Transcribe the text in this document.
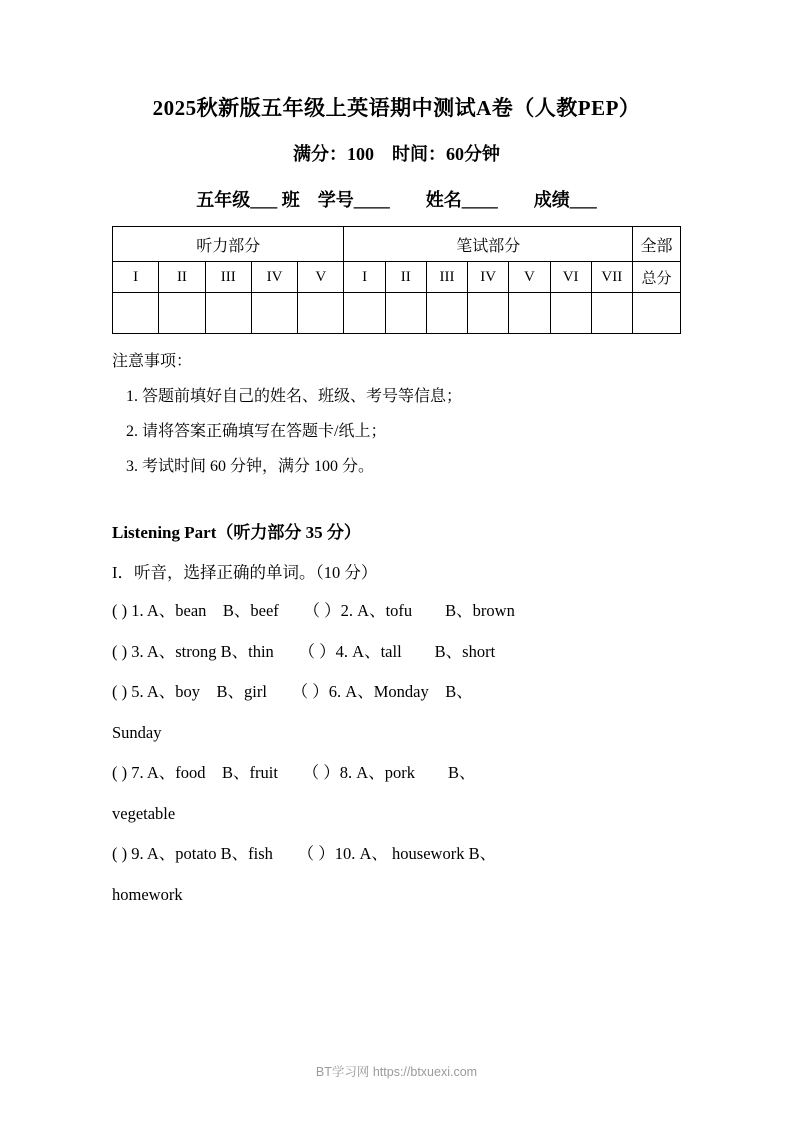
2025秋新版五年级上英语期中测试A卷（人教PEP）
满分：100　时间：60分钟
五年级___ 班　学号____　　姓名____　　成绩___
听力部分					笔试部分							全部
I	II	III	IV	V	I	II	III	IV	V	VI	VII	总分

注意事项：
1. 答题前填好自己的姓名、班级、考号等信息；
2. 请将答案正确填写在答题卡/纸上；
3. 考试时间 60 分钟，满分 100 分。
Listening Part（听力部分 35 分）
I．听音，选择正确的单词。（10 分）
( ) 1. A、bean　B、beef　　（ ）2. A、tofu　　B、brown
( ) 3. A、strong B、thin　　（ ）4. A、tall　　B、short
( ) 5. A、boy　B、girl　　（ ）6. A、Monday　B、
Sunday
( ) 7. A、food　B、fruit　　（ ）8. A、pork　　B、
vegetable
( ) 9. A、potato B、fish　　（ ）10. A、 housework B、
homework
BT学习网 https://btxuexi.com
